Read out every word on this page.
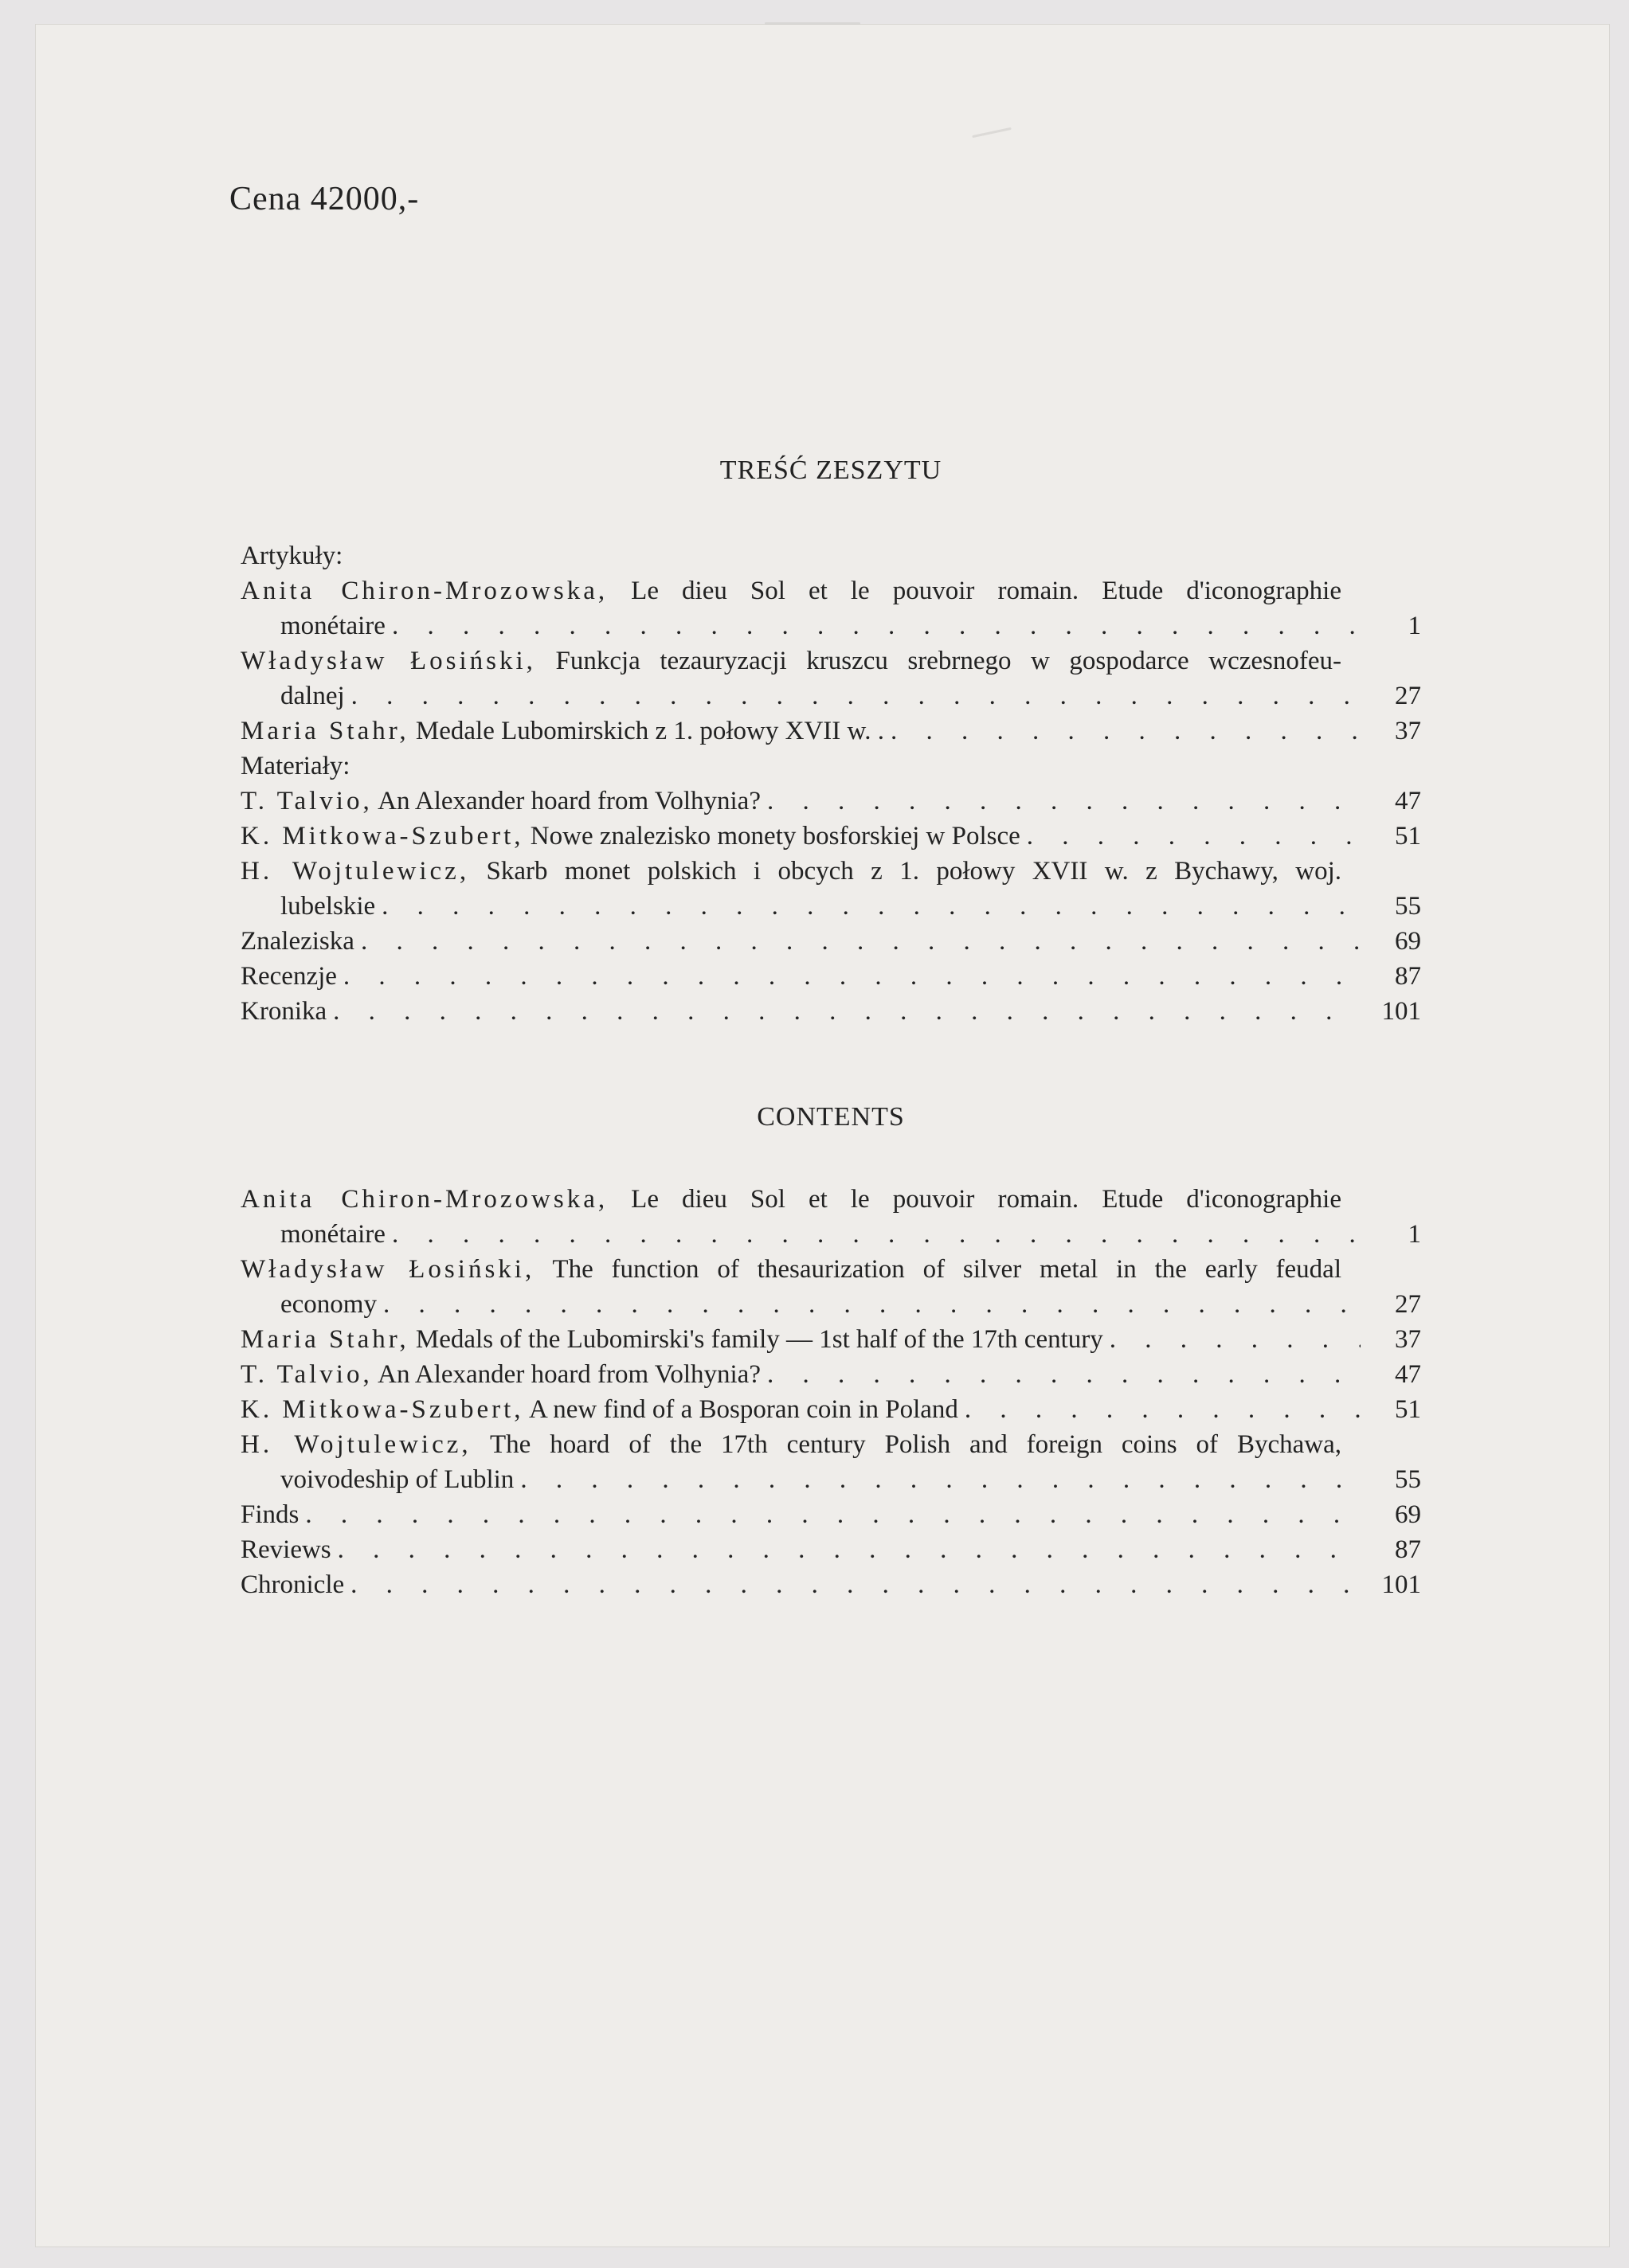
Cena 42000,-
TREŚĆ ZESZYTU
Artykuły:
Anita Chiron-Mrozowska, Le dieu Sol et le pouvoir romain. Etude d'iconographie
monétaire . . .	1
Władysław Łosiński, Funkcja tezauryzacji kruszcu srebrnego w gospodarce wczesnofeu-
dalnej . . .	27
Maria Stahr, Medale Lubomirskich z 1. połowy XVII w. . . . .	37
Materiały:
T. Talvio, An Alexander hoard from Volhynia? . . .	47
K. Mitkowa-Szubert, Nowe znalezisko monety bosforskiej w Polsce . . .	51
H. Wojtulewicz, Skarb monet polskich i obcych z 1. połowy XVII w. z Bychawy, woj.
lubelskie . . .	55
Znaleziska . . .	69
Recenzje . . .	87
Kronika . . .	101
CONTENTS
Anita Chiron-Mrozowska, Le dieu Sol et le pouvoir romain. Etude d'iconographie
monétaire . . .	1
Władysław Łosiński, The function of thesaurization of silver metal in the early feudal
economy . . .	27
Maria Stahr, Medals of the Lubomirski's family — 1st half of the 17th century . . .	37
T. Talvio, An Alexander hoard from Volhynia? . . .	47
K. Mitkowa-Szubert, A new find of a Bosporan coin in Poland . . .	51
H. Wojtulewicz, The hoard of the 17th century Polish and foreign coins of Bychawa,
voivodeship of Lublin . . .	55
Finds . . .	69
Reviews . . .	87
Chronicle . . .	101
